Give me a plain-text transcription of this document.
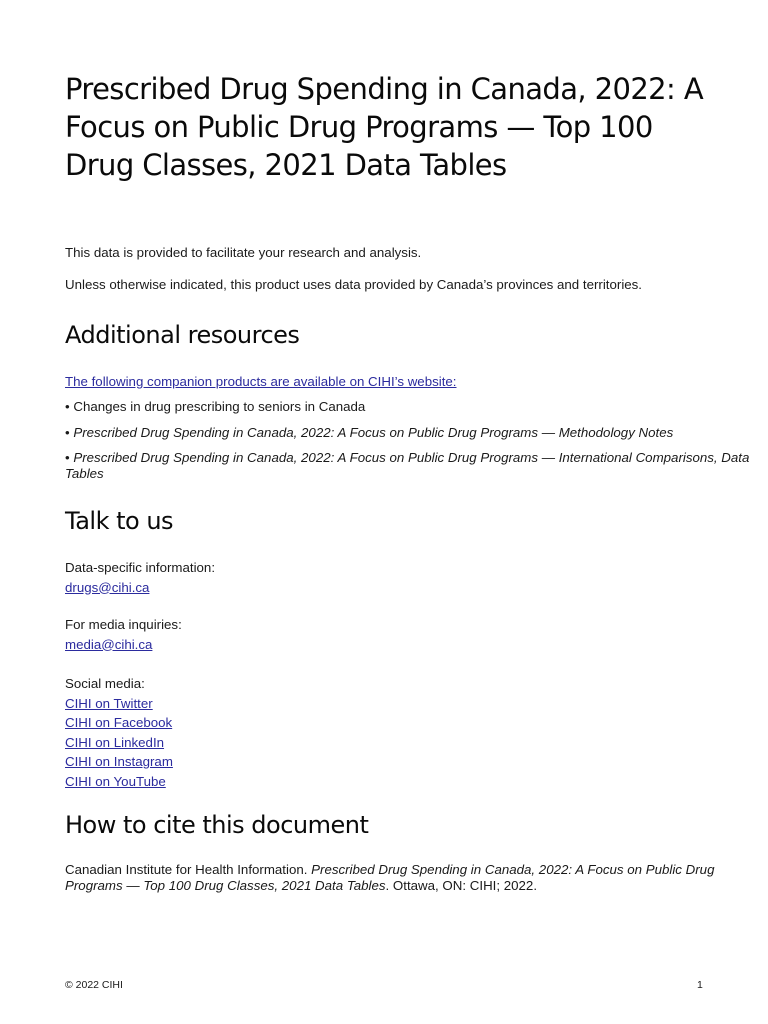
Prescribed Drug Spending in Canada, 2022: A
Focus on Public Drug Programs — Top 100
Drug Classes, 2021 Data Tables

This data is provided to facilitate your research and analysis.

Unless otherwise indicated, this product uses data provided by Canada’s provinces and territories.

Additional resources
The following companion products are available on CIHI’s website:
• Changes in drug prescribing to seniors in Canada
• Prescribed Drug Spending in Canada, 2022: A Focus on Public Drug Programs — Methodology Notes
• Prescribed Drug Spending in Canada, 2022: A Focus on Public Drug Programs — International Comparisons, Data Tables
Talk to us
Data-specific information:
drugs@cihi.ca
For media inquiries:
media@cihi.ca
Social media:
CIHI on Twitter
CIHI on Facebook
CIHI on LinkedIn
CIHI on Instagram
CIHI on YouTube
How to cite this document

Canadian Institute for Health Information. Prescribed Drug Spending in Canada, 2022: A Focus on Public Drug Programs — Top 100 Drug Classes, 2021 Data Tables. Ottawa, ON: CIHI; 2022.

© 2022 CIHI	1
